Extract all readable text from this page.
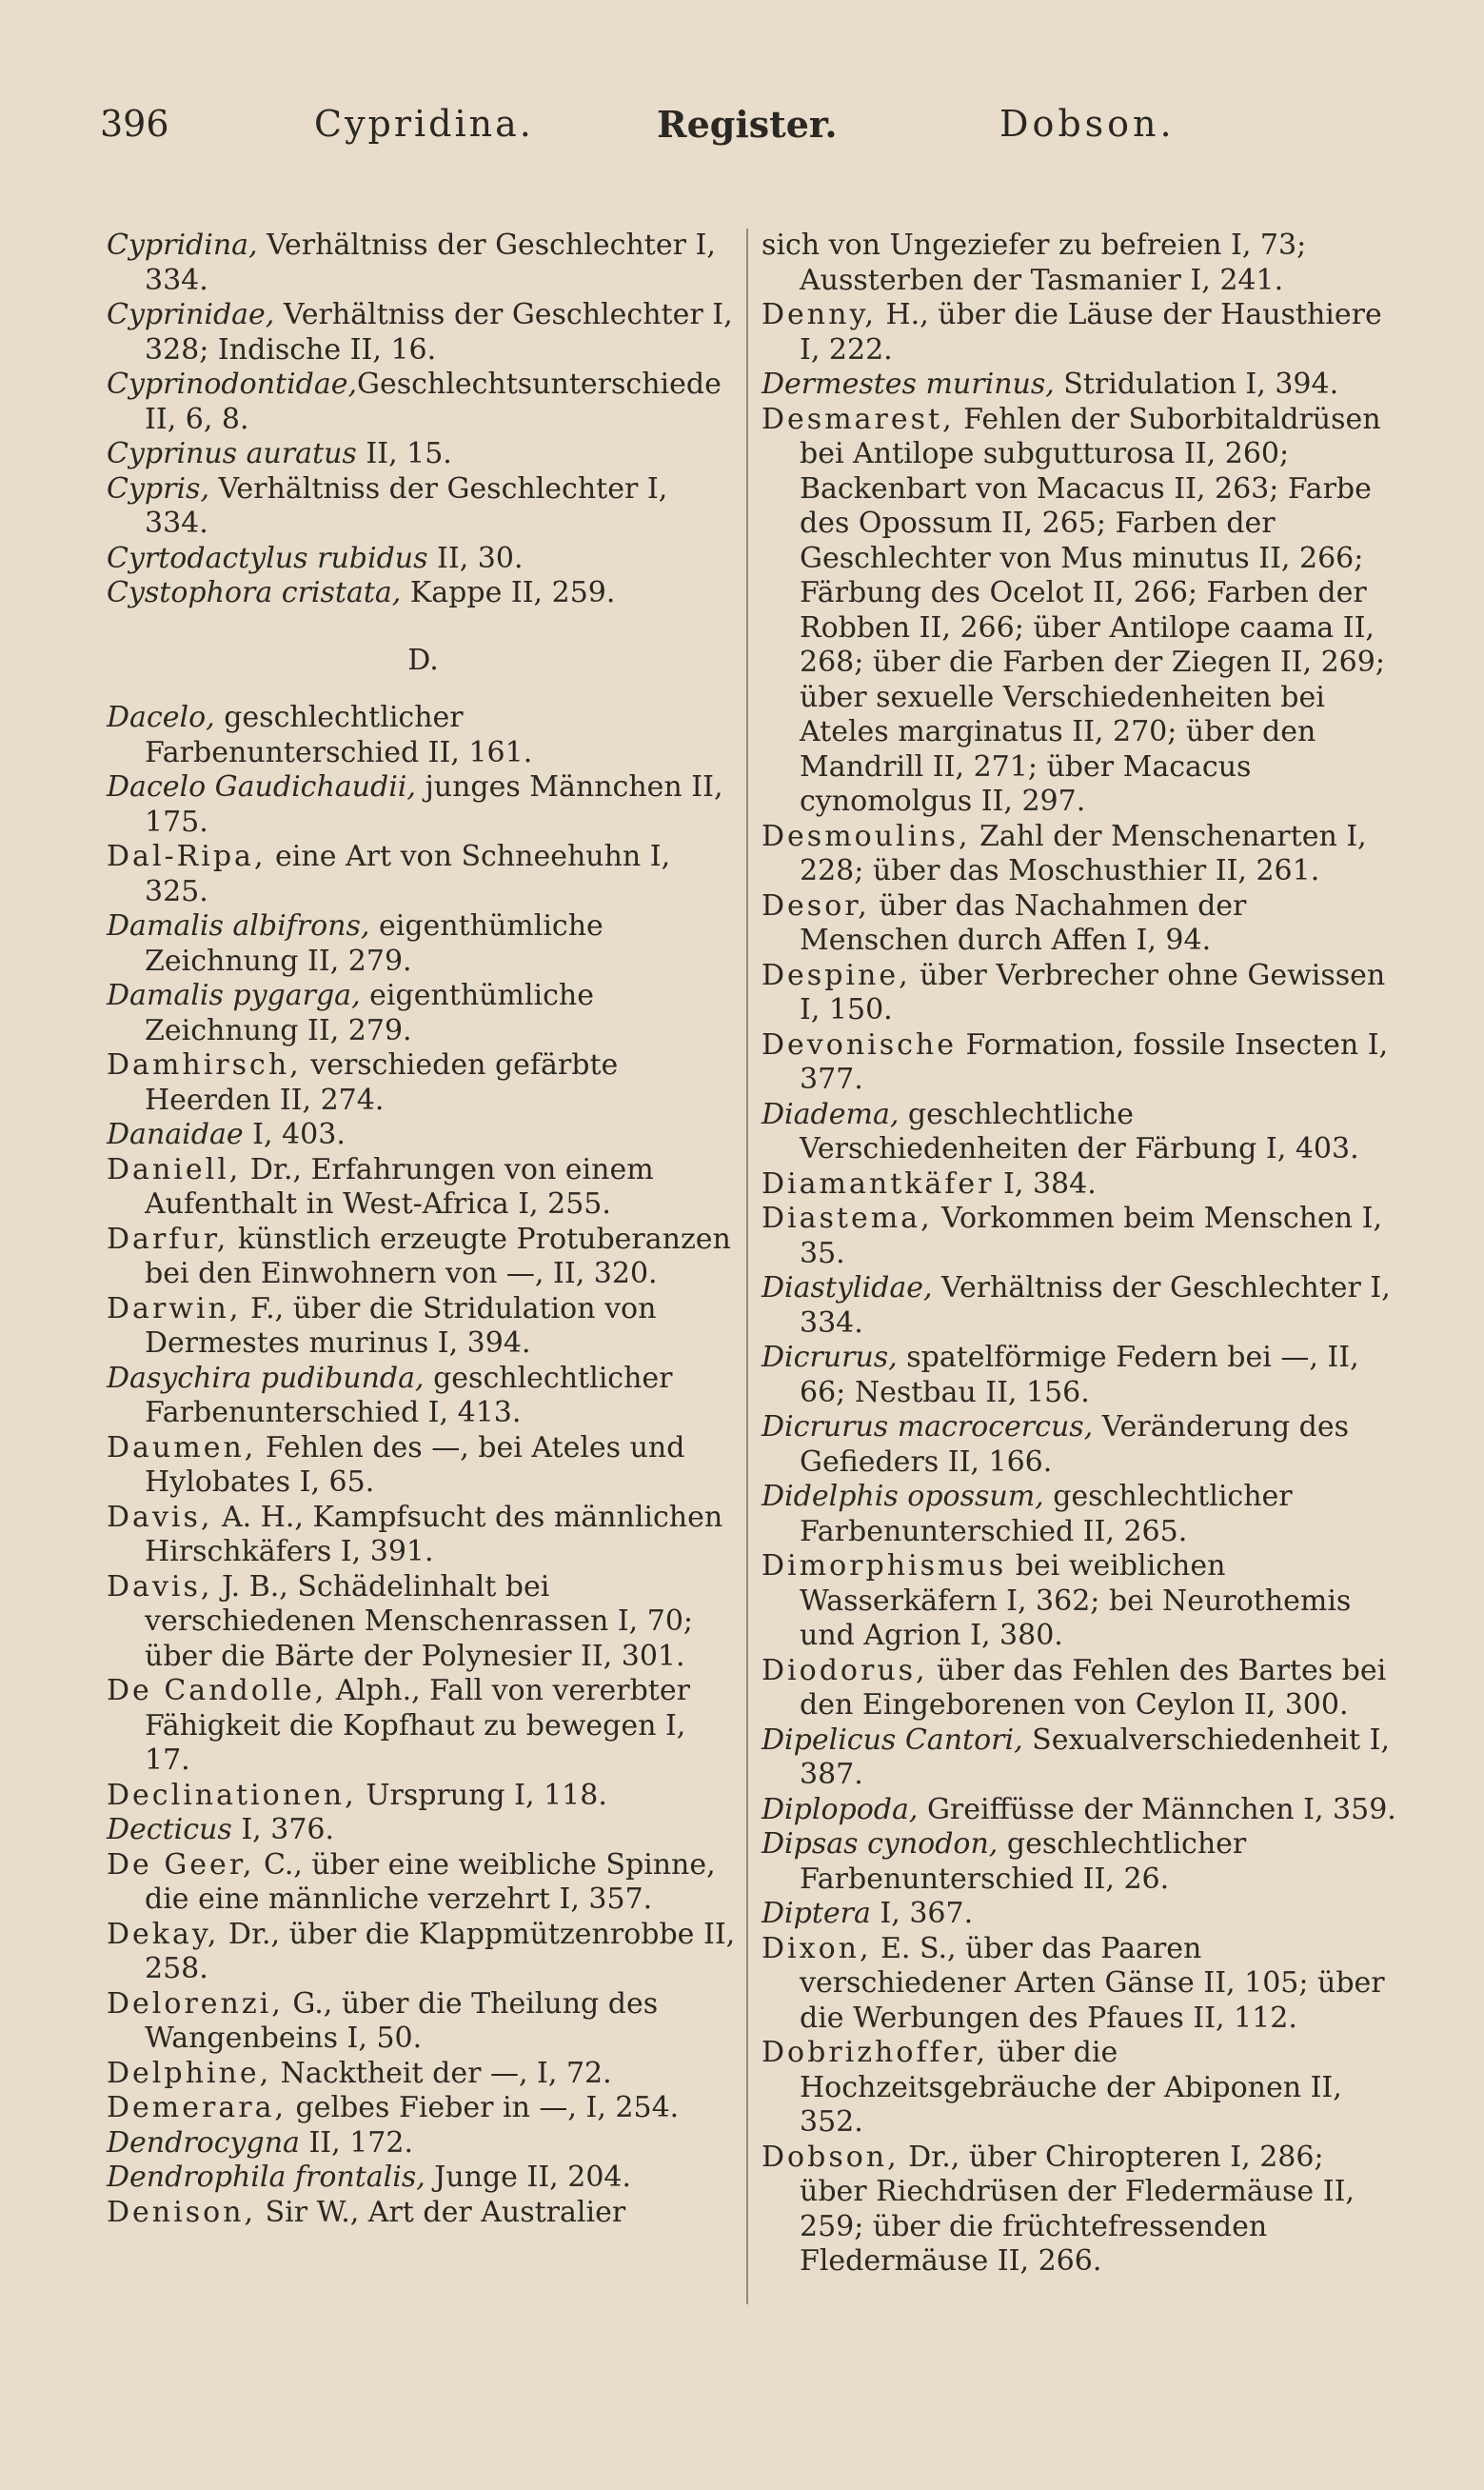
396	Cypridina.	Register.	Dobson.
Cypridina, Verhältniss der Geschlechter I, 334.
Cyprinidae, Verhältniss der Geschlechter I, 328; Indische II, 16.
Cyprinodontidae,Geschlechtsunterschiede II, 6, 8.
Cyprinus auratus II, 15.
Cypris, Verhältniss der Geschlechter I, 334.
Cyrtodactylus rubidus II, 30.
Cystophora cristata, Kappe II, 259.
D.
Dacelo, geschlechtlicher Farbenunterschied II, 161.
Dacelo Gaudichaudii, junges Männchen II, 175.
Dal-Ripa, eine Art von Schneehuhn I, 325.
Damalis albifrons, eigenthümliche Zeichnung II, 279.
Damalis pygarga, eigenthümliche Zeichnung II, 279.
Damhirsch, verschieden gefärbte Heerden II, 274.
Danaidae I, 403.
Daniell, Dr., Erfahrungen von einem Aufenthalt in West-Africa I, 255.
Darfur, künstlich erzeugte Protuberanzen bei den Einwohnern von —, II, 320.
Darwin, F., über die Stridulation von Dermestes murinus I, 394.
Dasychira pudibunda, geschlechtlicher Farbenunterschied I, 413.
Daumen, Fehlen des —, bei Ateles und Hylobates I, 65.
Davis, A. H., Kampfsucht des männlichen Hirschkäfers I, 391.
Davis, J. B., Schädelinhalt bei verschiedenen Menschenrassen I, 70; über die Bärte der Polynesier II, 301.
De Candolle, Alph., Fall von vererbter Fähigkeit die Kopfhaut zu bewegen I, 17.
Declinationen, Ursprung I, 118.
Decticus I, 376.
De Geer, C., über eine weibliche Spinne, die eine männliche verzehrt I, 357.
Dekay, Dr., über die Klappmützenrobbe II, 258.
Delorenzi, G., über die Theilung des Wangenbeins I, 50.
Delphine, Nacktheit der —, I, 72.
Demerara, gelbes Fieber in —, I, 254.
Dendrocygna II, 172.
Dendrophila frontalis, Junge II, 204.
Denison, Sir W., Art der Australier
sich von Ungeziefer zu befreien I, 73; Aussterben der Tasmanier I, 241.
Denny, H., über die Läuse der Hausthiere I, 222.
Dermestes murinus, Stridulation I, 394.
Desmarest, Fehlen der Suborbitaldrüsen bei Antilope subgutturosa II, 260; Backenbart von Macacus II, 263; Farbe des Opossum II, 265; Farben der Geschlechter von Mus minutus II, 266; Färbung des Ocelot II, 266; Farben der Robben II, 266; über Antilope caama II, 268; über die Farben der Ziegen II, 269; über sexuelle Verschiedenheiten bei Ateles marginatus II, 270; über den Mandrill II, 271; über Macacus cynomolgus II, 297.
Desmoulins, Zahl der Menschenarten I, 228; über das Moschusthier II, 261.
Desor, über das Nachahmen der Menschen durch Affen I, 94.
Despine, über Verbrecher ohne Gewissen I, 150.
Devonische Formation, fossile Insecten I, 377.
Diadema, geschlechtliche Verschiedenheiten der Färbung I, 403.
Diamantkäfer I, 384.
Diastema, Vorkommen beim Menschen I, 35.
Diastylidae, Verhältniss der Geschlechter I, 334.
Dicrurus, spatelförmige Federn bei —, II, 66; Nestbau II, 156.
Dicrurus macrocercus, Veränderung des Gefieders II, 166.
Didelphis opossum, geschlechtlicher Farbenunterschied II, 265.
Dimorphismus bei weiblichen Wasserkäfern I, 362; bei Neurothemis und Agrion I, 380.
Diodorus, über das Fehlen des Bartes bei den Eingeborenen von Ceylon II, 300.
Dipelicus Cantori, Sexualverschiedenheit I, 387.
Diplopoda, Greiffüsse der Männchen I, 359.
Dipsas cynodon, geschlechtlicher Farbenunterschied II, 26.
Diptera I, 367.
Dixon, E. S., über das Paaren verschiedener Arten Gänse II, 105; über die Werbungen des Pfaues II, 112.
Dobrizhoffer, über die Hochzeitsgebräuche der Abiponen II, 352.
Dobson, Dr., über Chiropteren I, 286; über Riechdrüsen der Fledermäuse II, 259; über die früchtefressenden Fledermäuse II, 266.
